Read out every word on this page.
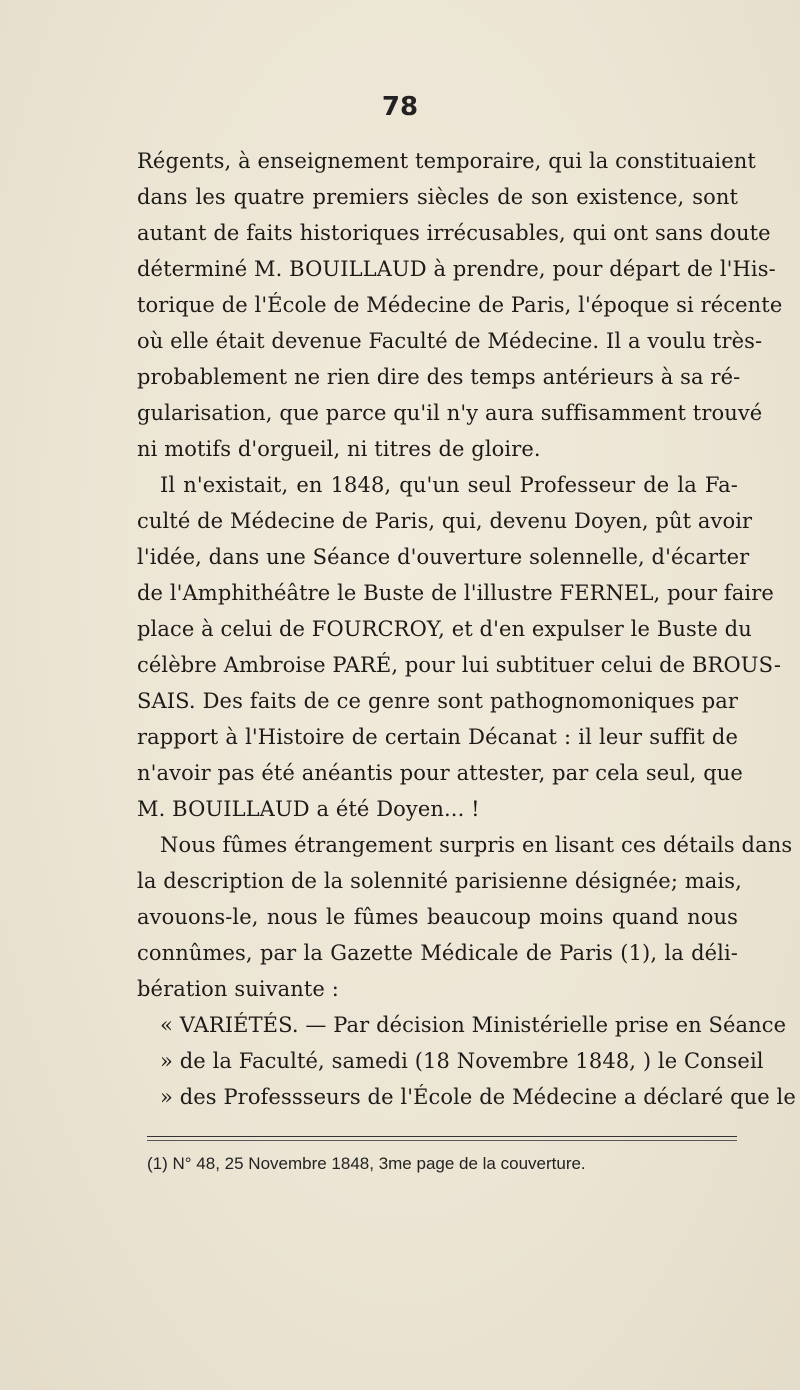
78
Régents, à enseignement temporaire, qui la constituaient
dans les quatre premiers siècles de son existence, sont
autant de faits historiques irrécusables, qui ont sans doute
déterminé M. BOUILLAUD à prendre, pour départ de l'His-
torique de l'École de Médecine de Paris, l'époque si récente
où elle était devenue Faculté de Médecine. Il a voulu très-
probablement ne rien dire des temps antérieurs à sa ré-
gularisation, que parce qu'il n'y aura suffisamment trouvé
ni motifs d'orgueil, ni titres de gloire.
Il n'existait, en 1848, qu'un seul Professeur de la Fa-
culté de Médecine de Paris, qui, devenu Doyen, pût avoir
l'idée, dans une Séance d'ouverture solennelle, d'écarter
de l'Amphithéâtre le Buste de l'illustre FERNEL, pour faire
place à celui de FOURCROY, et d'en expulser le Buste du
célèbre Ambroise PARÉ, pour lui subtituer celui de BROUS-
SAIS. Des faits de ce genre sont pathognomoniques par
rapport à l'Histoire de certain Décanat : il leur suffit de
n'avoir pas été anéantis pour attester, par cela seul, que
M. BOUILLAUD a été Doyen... !
Nous fûmes étrangement surpris en lisant ces détails dans
la description de la solennité parisienne désignée; mais,
avouons-le, nous le fûmes beaucoup moins quand nous
connûmes, par la Gazette Médicale de Paris (1), la déli-
bération suivante :
« VARIÉTÉS. — Par décision Ministérielle prise en Séance
» de la Faculté, samedi (18 Novembre 1848, ) le Conseil
» des Professseurs de l'École de Médecine a déclaré que le
(1) N° 48, 25 Novembre 1848, 3me page de la couverture.
